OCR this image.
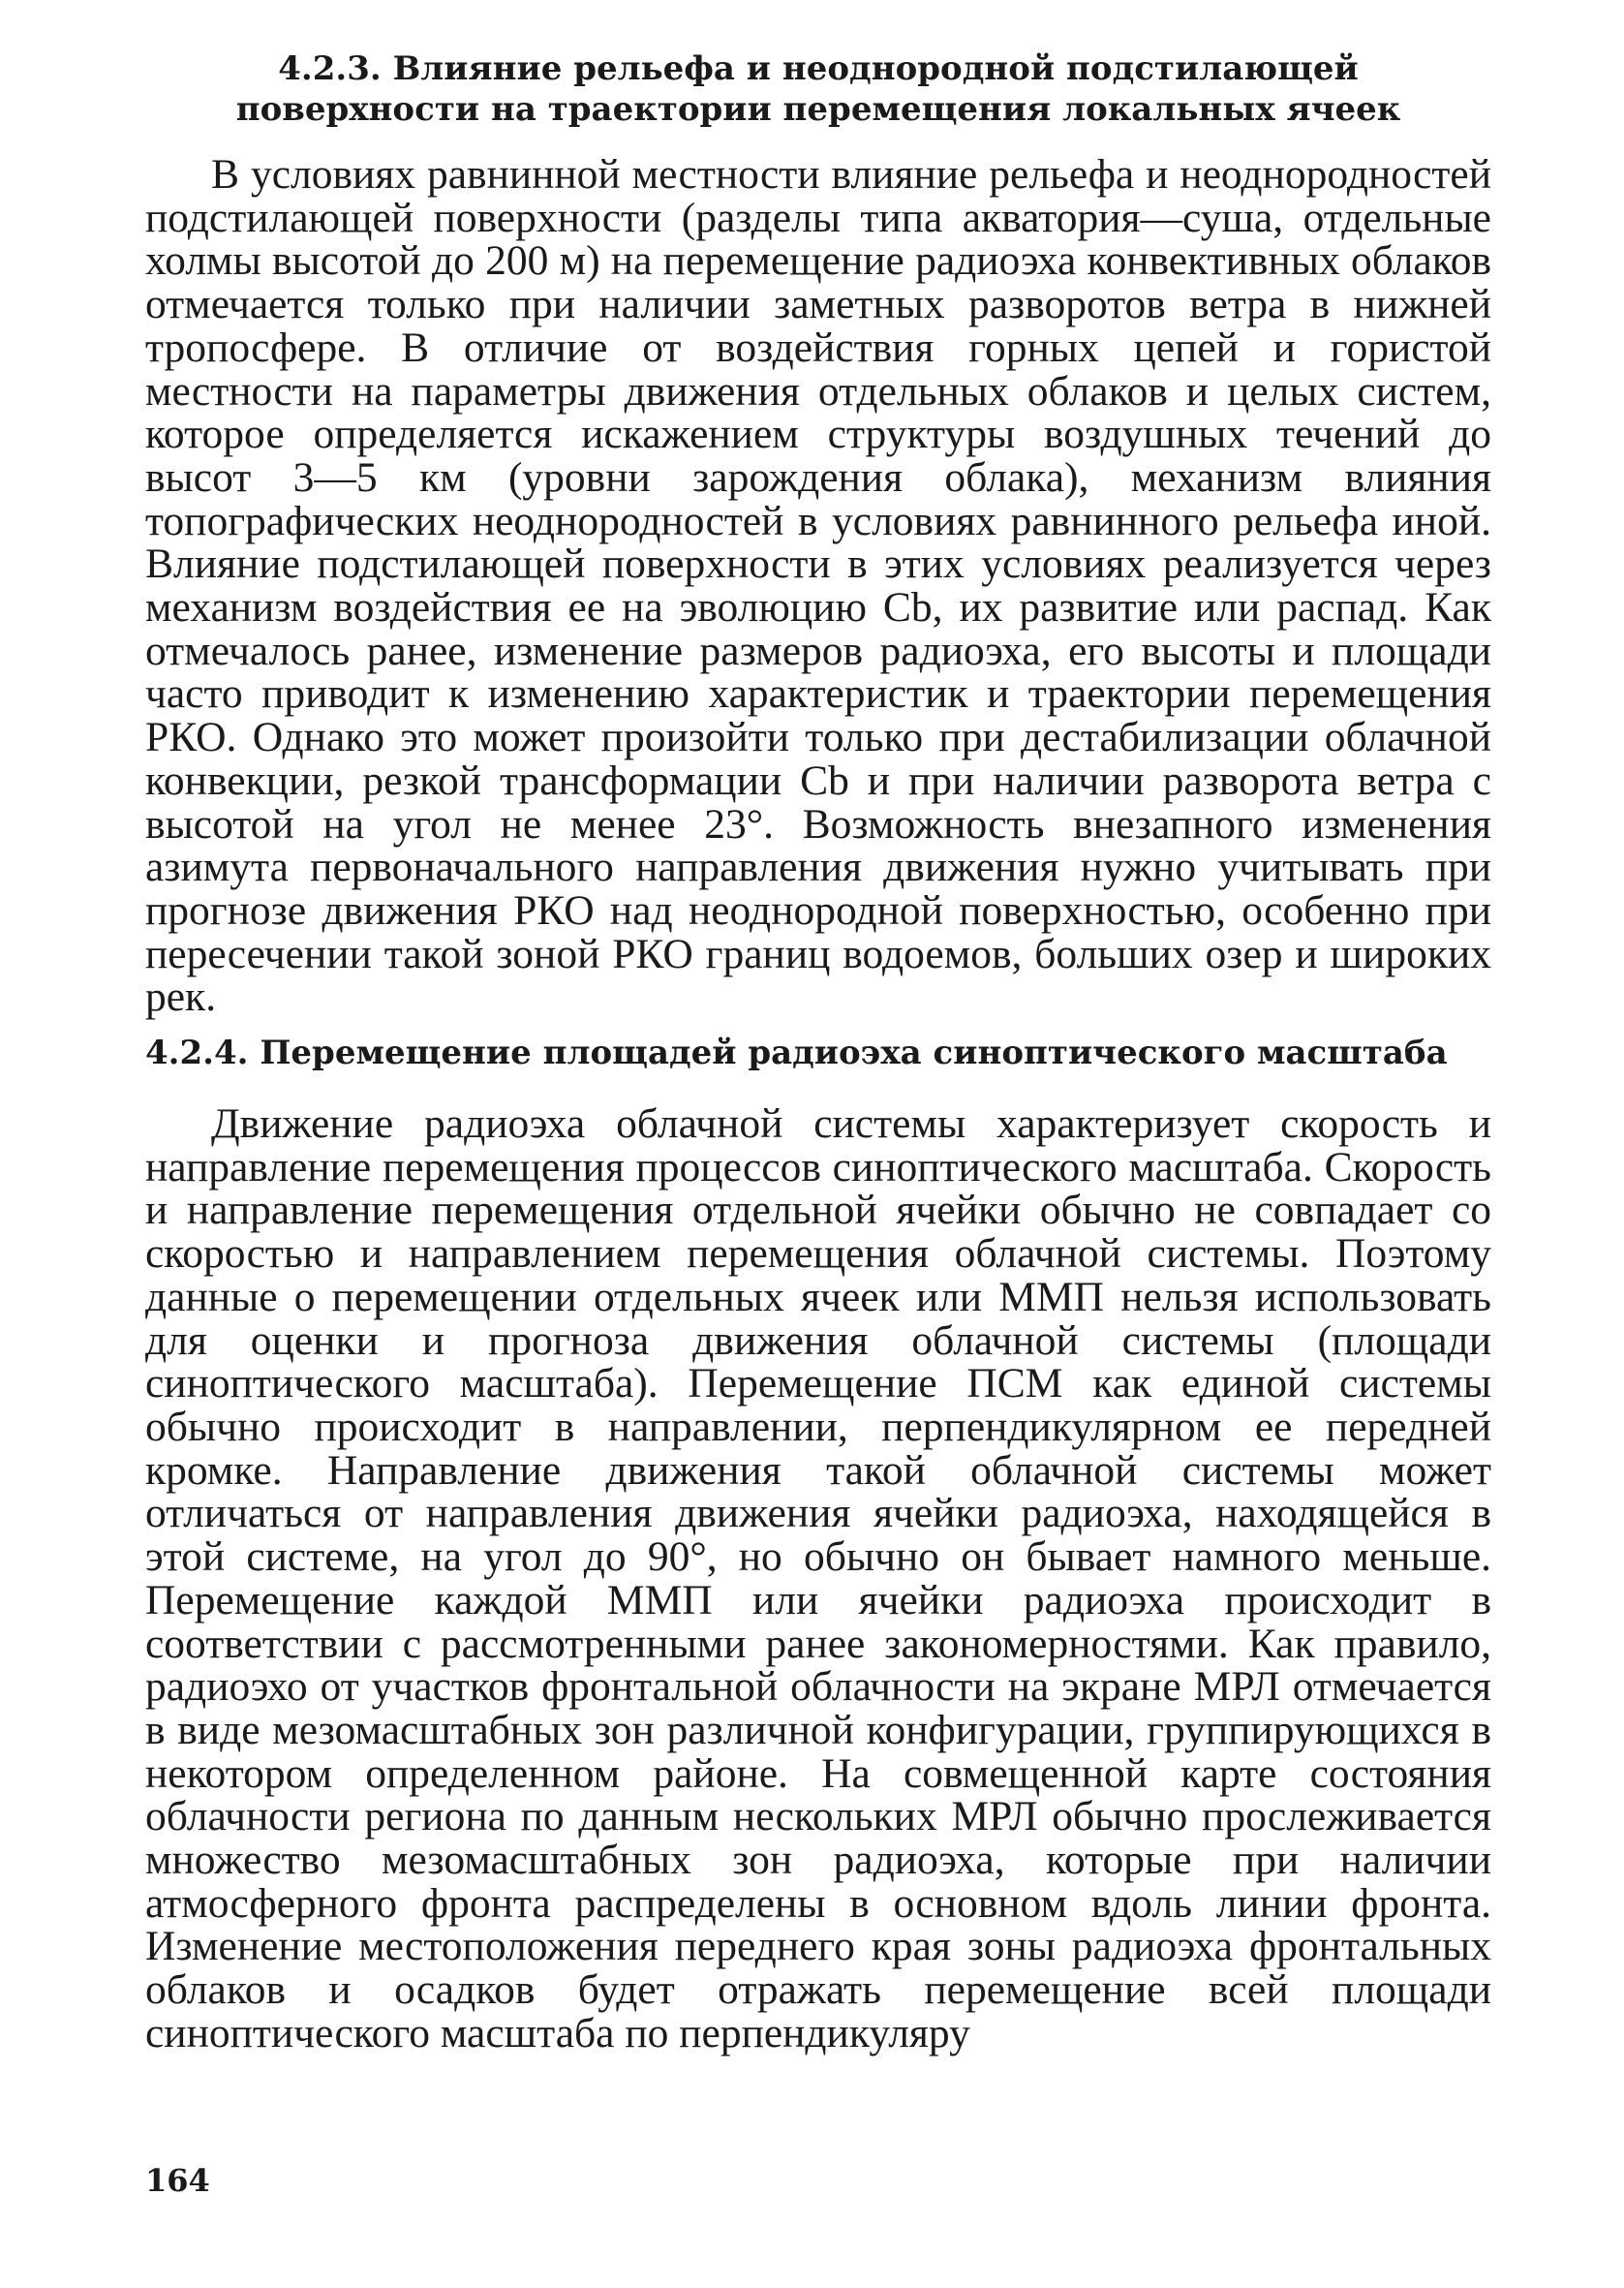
4.2.3. Влияние рельефа и неоднородной подстилающей
поверхности на траектории перемещения локальных ячеек

В условиях равнинной местности влияние рельефа и неоднородностей подстилающей поверхности (разделы типа акватория—суша, отдельные холмы высотой до 200 м) на перемещение радиоэха конвективных облаков отмечается только при наличии заметных разворотов ветра в нижней тропосфере. В отличие от воздействия горных цепей и гористой местности на параметры движения отдельных облаков и целых систем, которое определяется искажением структуры воздушных течений до высот 3—5 км (уровни зарождения облака), механизм влияния топографических неоднородностей в условиях равнинного рельефа иной. Влияние подстилающей поверхности в этих условиях реализуется через механизм воздействия ее на эволюцию Cb, их развитие или распад. Как отмечалось ранее, изменение размеров радиоэха, его высоты и площади часто приводит к изменению характеристик и траектории перемещения РКО. Однако это может произойти только при дестабилизации облачной конвекции, резкой трансформации Cb и при наличии разворота ветра с высотой на угол не менее 23°. Возможность внезапного изменения азимута первоначального направления движения нужно учитывать при прогнозе движения РКО над неоднородной поверхностью, особенно при пересечении такой зоной РКО границ водоемов, больших озер и широких рек.

4.2.4. Перемещение площадей радиоэха синоптического масштаба

Движение радиоэха облачной системы характеризует скорость и направление перемещения процессов синоптического масштаба. Скорость и направление перемещения отдельной ячейки обычно не совпадает со скоростью и направлением перемещения облачной системы. Поэтому данные о перемещении отдельных ячеек или ММП нельзя использовать для оценки и прогноза движения облачной системы (площади синоптического масштаба). Перемещение ПСМ как единой системы обычно происходит в направлении, перпендикулярном ее передней кромке. Направление движения такой облачной системы может отличаться от направления движения ячейки радиоэха, находящейся в этой системе, на угол до 90°, но обычно он бывает намного меньше. Перемещение каждой ММП или ячейки радиоэха происходит в соответствии с рассмотренными ранее закономерностями. Как правило, радиоэхо от участков фронтальной облачности на экране МРЛ отмечается в виде мезомасштабных зон различной конфигурации, группирующихся в некотором определенном районе. На совмещенной карте состояния облачности региона по данным нескольких МРЛ обычно прослеживается множество мезомасштабных зон радиоэха, которые при наличии атмосферного фронта распределены в основном вдоль линии фронта. Изменение местоположения переднего края зоны радиоэха фронтальных облаков и осадков будет отражать перемещение всей площади синоптического масштаба по перпендикуляру

164
